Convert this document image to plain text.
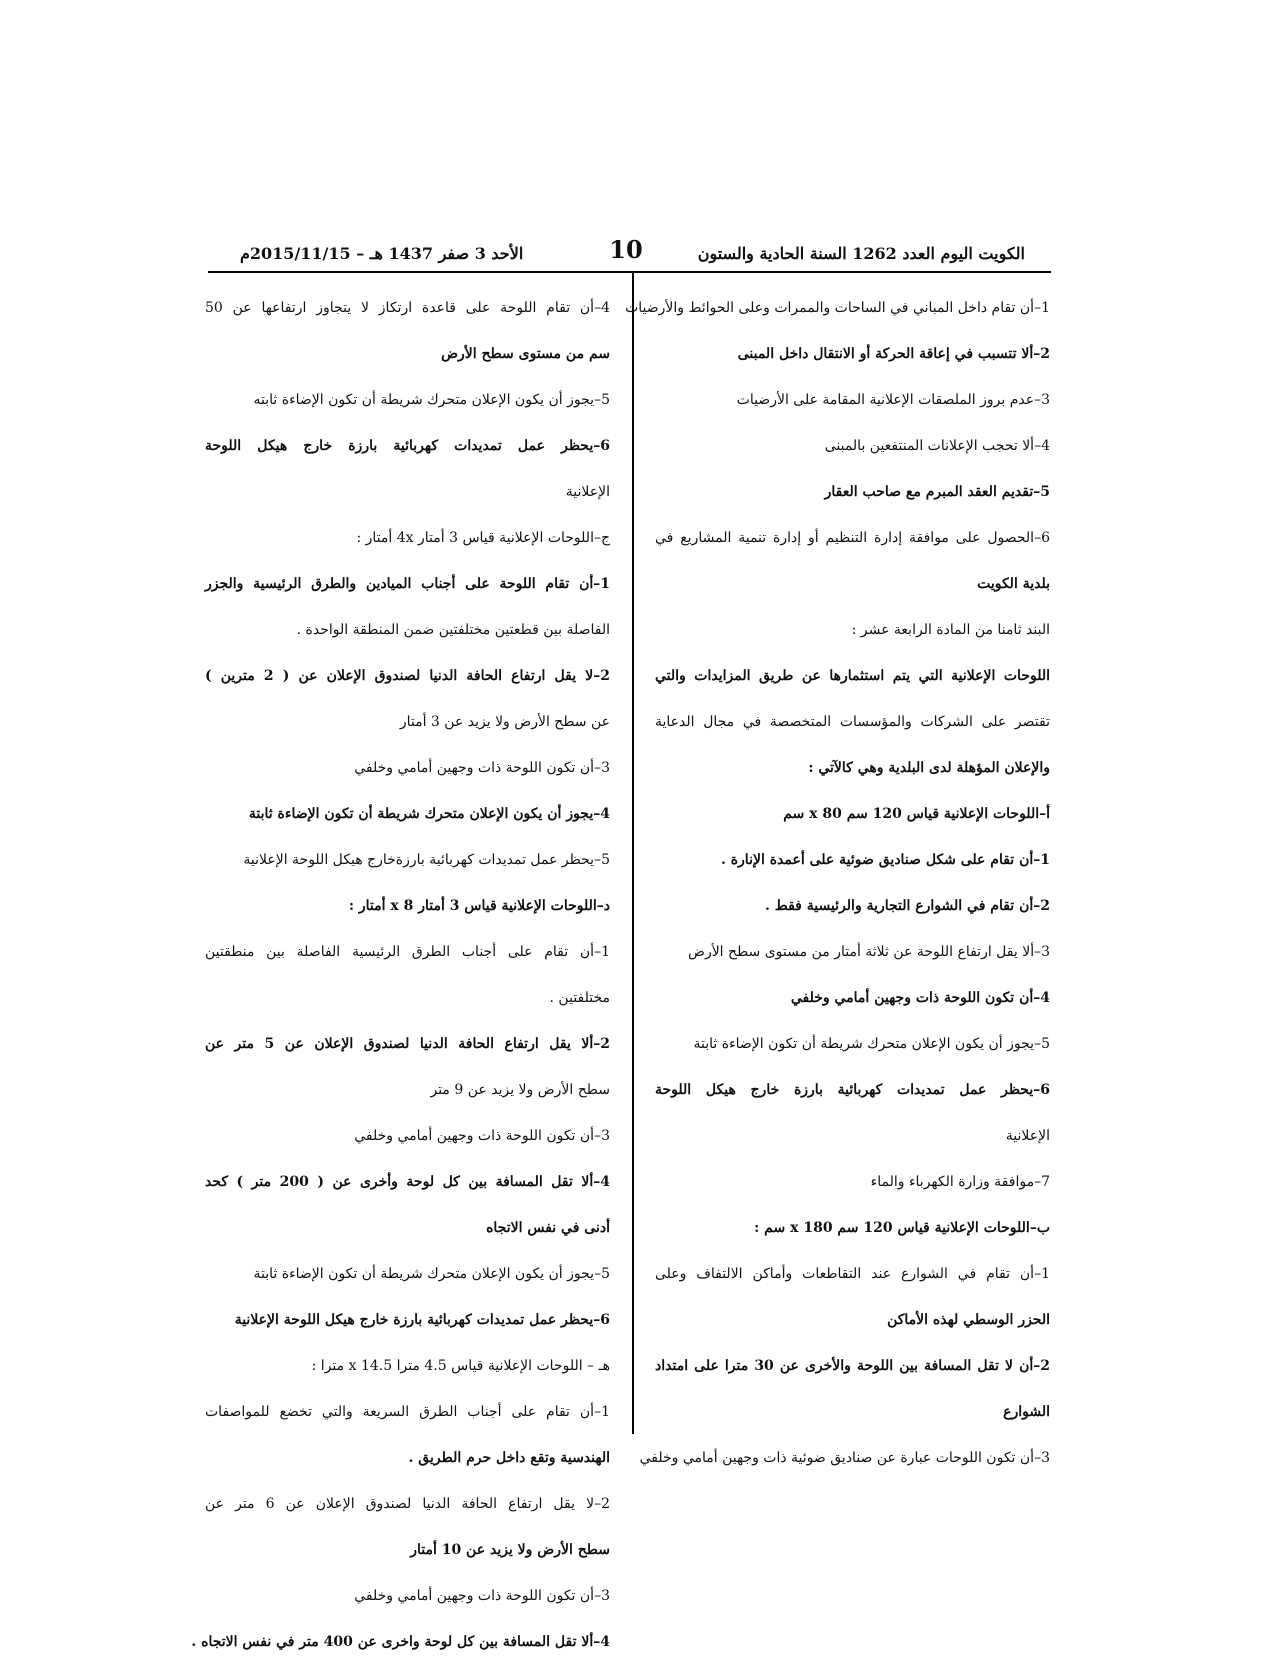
الكويت اليوم العدد 1262 السنة الحادية والستون
10
الأحد 3 صفر 1437 هـ – 2015/11/15م
1–أن تقام داخل المباني في الساحات والممرات وعلى الحوائط والأرضيات
2–ألا تتسبب في إعاقة الحركة أو الانتقال داخل المبنى
3–عدم بروز الملصقات الإعلانية المقامة على الأرضيات
4–ألا تحجب الإعلانات المنتفعين بالمبنى
5–تقديم العقد المبرم مع صاحب العقار
6–الحصول على موافقة إدارة التنظيم أو إدارة تنمية المشاريع في
بلدية الكويت
البند ثامنا من المادة الرابعة عشر :
اللوحات الإعلانية التي يتم استثمارها عن طريق المزايدات والتي
تقتصر على الشركات والمؤسسات المتخصصة في مجال الدعاية
والإعلان المؤهلة لدى البلدية وهي كالآتي :
أ–اللوحات الإعلانية قياس 120 سم x 80 سم
1–أن تقام على شكل صناديق ضوئية على أعمدة الإنارة .
2–أن تقام في الشوارع التجارية والرئيسية فقط .
3–ألا يقل ارتفاع اللوحة عن ثلاثة أمتار من مستوى سطح الأرض
4–أن تكون اللوحة ذات وجهين أمامي وخلفي
5–يجوز أن يكون الإعلان متحرك شريطة أن تكون الإضاءة ثابتة
6–يحظر عمل تمديدات كهربائية بارزة خارج هيكل اللوحة
الإعلانية
7–موافقة وزارة الكهرباء والماء
ب–اللوحات الإعلانية قياس 120 سم x 180 سم :
1–أن تقام في الشوارع عند التقاطعات وأماكن الالتفاف وعلى
الحزر الوسطي لهذه الأماكن
2–أن لا تقل المسافة بين اللوحة والأخرى عن 30 مترا على امتداد
الشوارع
3–أن تكون اللوحات عبارة عن صناديق ضوئية ذات وجهين أمامي وخلفي
4–أن تقام اللوحة على قاعدة ارتكاز لا يتجاوز ارتفاعها عن 50
سم من مستوى سطح الأرض
5–يجوز أن يكون الإعلان متحرك شريطة أن تكون الإضاءة ثابته
6–يحظر عمل تمديدات كهربائية بارزة خارج هيكل اللوحة
الإعلانية
ج–اللوحات الإعلانية قياس 3 أمتار 4x أمتار :
1–أن تقام اللوحة على أجناب الميادين والطرق الرئيسية والجزر
الفاصلة بين قطعتين مختلفتين ضمن المنطقة الواحدة .
2–لا يقل ارتفاع الحافة الدنيا لصندوق الإعلان عن ( 2 مترين )
عن سطح الأرض ولا يزيد عن 3 أمتار
3–أن تكون اللوحة ذات وجهين أمامي وخلفي
4–يجوز أن يكون الإعلان متحرك شريطة أن تكون الإضاءة ثابتة
5–يحظر عمل تمديدات كهربائية بارزةخارج هيكل اللوحة الإعلانية
د–اللوحات الإعلانية قياس 3 أمتار x 8 أمتار :
1–أن تقام على أجناب الطرق الرئيسية الفاصلة بين منطقتين
مختلفتين .
2–ألا يقل ارتفاع الحافة الدنيا لصندوق الإعلان عن 5 متر عن
سطح الأرض ولا يزيد عن 9 متر
3–أن تكون اللوحة ذات وجهين أمامي وخلفي
4–ألا تقل المسافة بين كل لوحة وأخرى عن ( 200 متر ) كحد
أدنى في نفس الاتجاه
5–يجوز أن يكون الإعلان متحرك شريطة أن تكون الإضاءة ثابتة
6–يحظر عمل تمديدات كهربائية بارزة خارج هيكل اللوحة الإعلانية
هـ – اللوحات الإعلانية قياس 4.5 مترا x 14.5 مترا :
1–أن تقام على أجناب الطرق السريعة والتي تخضع للمواصفات
الهندسية وتقع داخل حرم الطريق .
2–لا يقل ارتفاع الحافة الدنيا لصندوق الإعلان عن 6 متر عن
سطح الأرض ولا يزيد عن 10 أمتار
3–أن تكون اللوحة ذات وجهين أمامي وخلفي
4–ألا تقل المسافة بين كل لوحة واخرى عن 400 متر في نفس الاتجاه .
